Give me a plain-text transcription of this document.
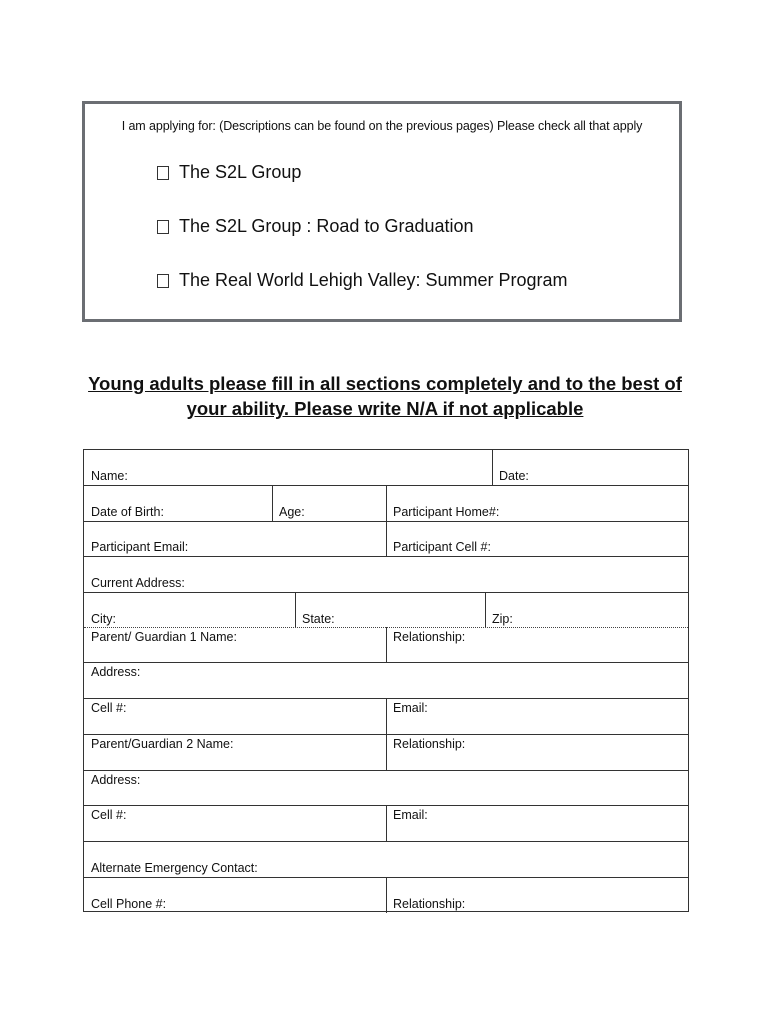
I am applying for: (Descriptions can be found on the previous pages) Please check all that apply
The S2L Group
The S2L Group : Road to Graduation
The Real World Lehigh Valley: Summer Program
Young adults please fill in all sections completely and to the best of
your ability. Please write N/A if not applicable
Name:	Date:
Date of Birth:	Age:	Participant Home#:
Participant Email:	Participant Cell #:
Current Address:
City:	State:	Zip:
Parent/ Guardian 1 Name:	Relationship:
Address:
Cell #:	Email:
Parent/Guardian 2 Name:	Relationship:
Address:
Cell #:	Email:
Alternate Emergency Contact:
Cell Phone #:	Relationship:
